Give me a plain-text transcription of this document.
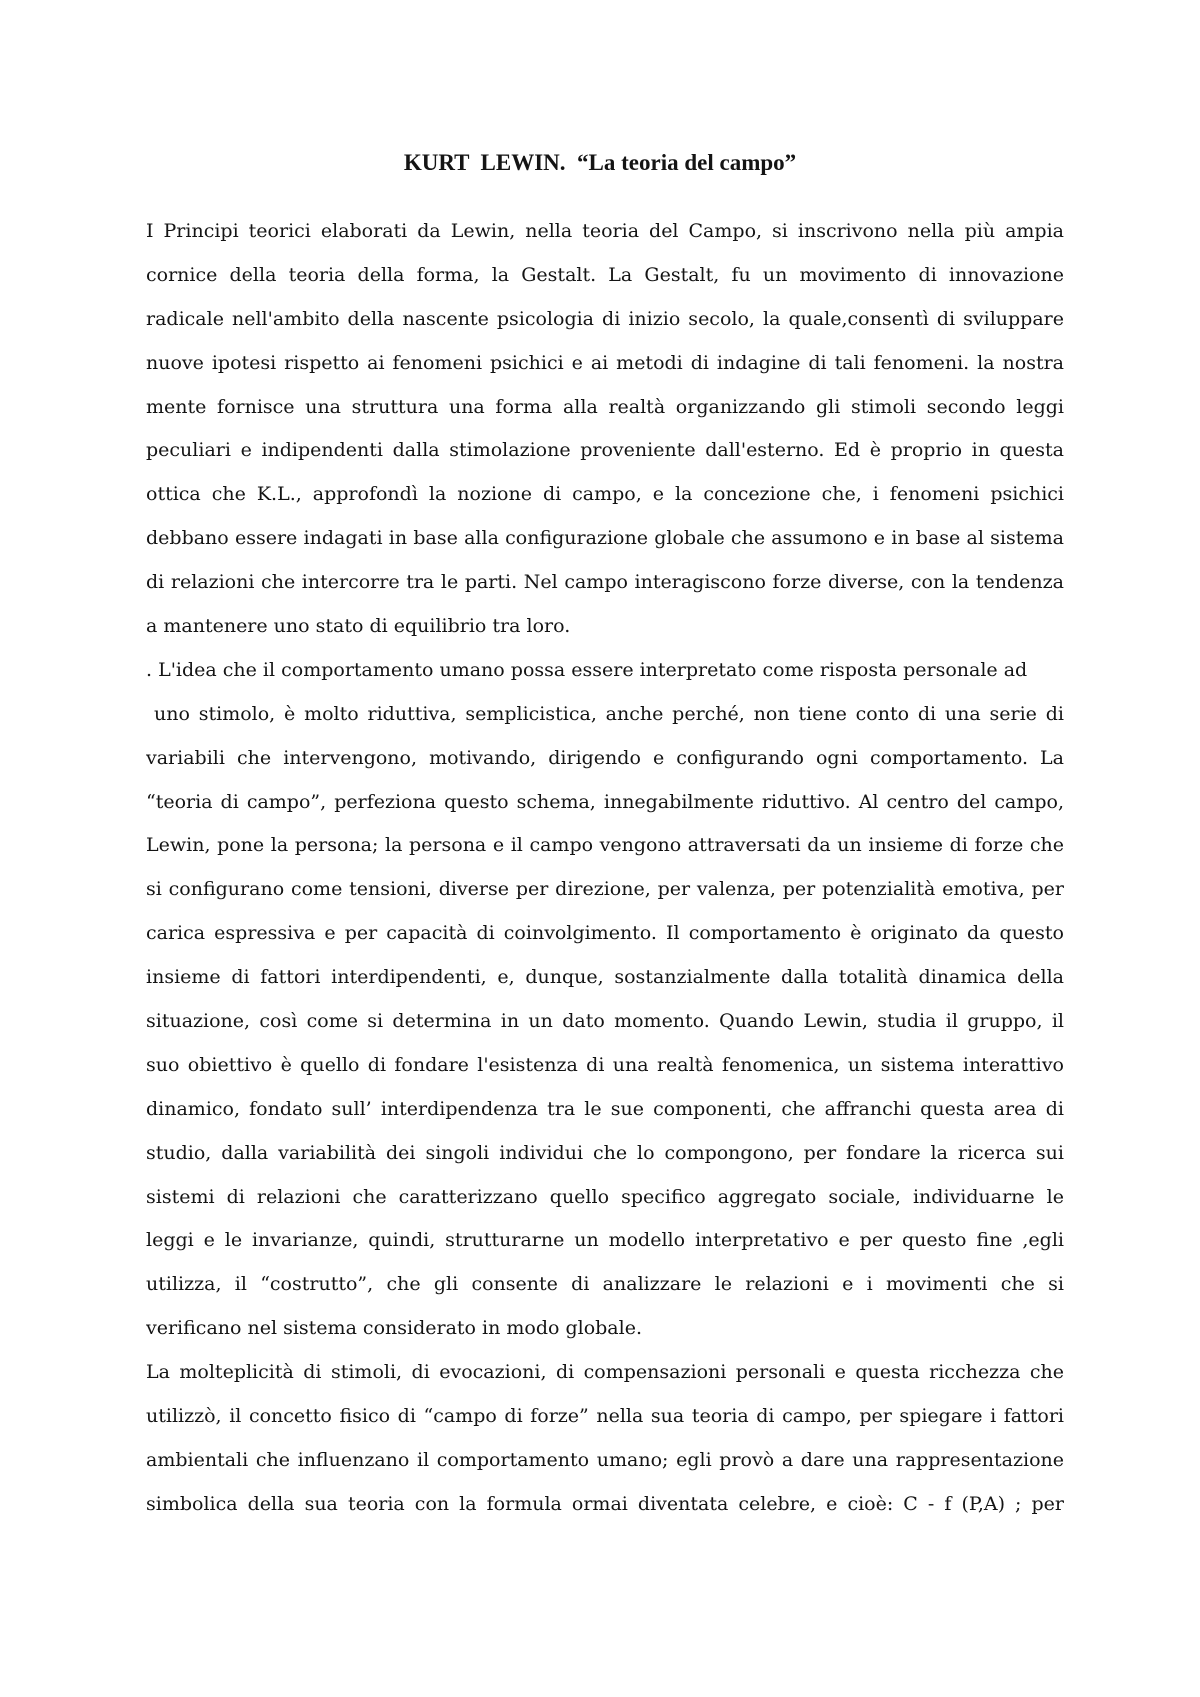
KURT  LEWIN.  “La teoria del campo”
I Principi teorici elaborati da Lewin, nella teoria del Campo, si inscrivono nella più ampia
cornice della teoria della forma, la Gestalt. La Gestalt, fu un movimento di innovazione
radicale nell'ambito della nascente psicologia di inizio secolo, la quale,consentì di sviluppare
nuove ipotesi rispetto ai fenomeni psichici e ai metodi di indagine di tali fenomeni. la nostra
mente fornisce una struttura una forma alla realtà organizzando gli stimoli secondo leggi
peculiari e indipendenti dalla stimolazione proveniente dall'esterno. Ed è proprio in questa
ottica che K.L., approfondì la nozione di campo, e la concezione che, i fenomeni psichici
debbano essere indagati in base alla configurazione globale che assumono e in base al sistema
di relazioni che intercorre tra le parti. Nel campo interagiscono forze diverse, con la tendenza
a mantenere uno stato di equilibrio tra loro.
. L'idea che il comportamento umano possa essere interpretato come risposta personale ad
uno stimolo, è molto riduttiva, semplicistica, anche perché, non tiene conto di una serie di
variabili che intervengono, motivando, dirigendo e configurando ogni comportamento. La
“teoria di campo”, perfeziona questo schema, innegabilmente riduttivo. Al centro del campo,
Lewin, pone la persona; la persona e il campo vengono attraversati da un insieme di forze che
si configurano come tensioni, diverse per direzione, per valenza, per potenzialità emotiva, per
carica espressiva e per capacità di coinvolgimento. Il comportamento è originato da questo
insieme di fattori interdipendenti, e, dunque, sostanzialmente dalla totalità dinamica della
situazione, così come si determina in un dato momento. Quando Lewin, studia il gruppo, il
suo obiettivo è quello di fondare l'esistenza di una realtà fenomenica, un sistema interattivo
dinamico, fondato sull’ interdipendenza tra le sue componenti, che affranchi questa area di
studio, dalla variabilità dei singoli individui che lo compongono, per fondare la ricerca sui
sistemi di relazioni che caratterizzano quello specifico aggregato sociale, individuarne le
leggi e le invarianze, quindi, strutturarne un modello interpretativo e per questo fine ,egli
utilizza, il “costrutto”, che gli consente di analizzare le relazioni e i movimenti che si
verificano nel sistema considerato in modo globale.
La molteplicità di stimoli, di evocazioni, di compensazioni personali e questa ricchezza che
utilizzò, il concetto fisico di “campo di forze” nella sua teoria di campo, per spiegare i fattori
ambientali che influenzano il comportamento umano; egli provò a dare una rappresentazione
simbolica della sua teoria con la formula ormai diventata celebre, e cioè: C - f (P,A) ; per
